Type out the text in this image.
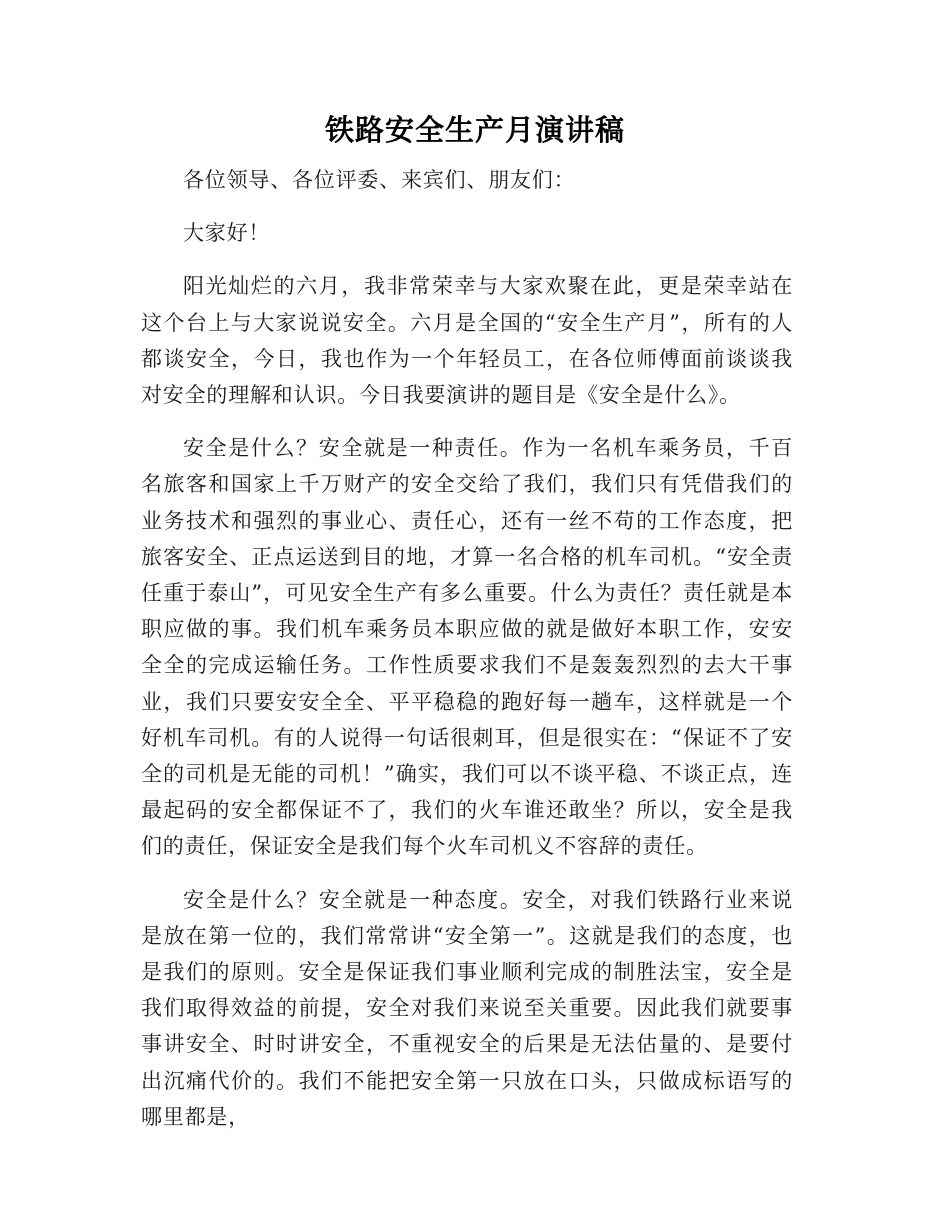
铁路安全生产月演讲稿

各位领导、各位评委、来宾们、朋友们：

大家好！

阳光灿烂的六月，我非常荣幸与大家欢聚在此，更是荣幸站在这个台上与大家说说安全。六月是全国的“安全生产月”，所有的人都谈安全，今日，我也作为一个年轻员工，在各位师傅面前谈谈我对安全的理解和认识。今日我要演讲的题目是《安全是什么》。

安全是什么？安全就是一种责任。作为一名机车乘务员，千百名旅客和国家上千万财产的安全交给了我们，我们只有凭借我们的业务技术和强烈的事业心、责任心，还有一丝不苟的工作态度，把旅客安全、正点运送到目的地，才算一名合格的机车司机。“安全责任重于泰山”，可见安全生产有多么重要。什么为责任？责任就是本职应做的事。我们机车乘务员本职应做的就是做好本职工作，安安全全的完成运输任务。工作性质要求我们不是轰轰烈烈的去大干事业，我们只要安安全全、平平稳稳的跑好每一趟车，这样就是一个好机车司机。有的人说得一句话很刺耳，但是很实在：“保证不了安全的司机是无能的司机！”确实，我们可以不谈平稳、不谈正点，连最起码的安全都保证不了，我们的火车谁还敢坐？所以，安全是我们的责任，保证安全是我们每个火车司机义不容辞的责任。

安全是什么？安全就是一种态度。安全，对我们铁路行业来说是放在第一位的，我们常常讲“安全第一”。这就是我们的态度，也是我们的原则。安全是保证我们事业顺利完成的制胜法宝，安全是我们取得效益的前提，安全对我们来说至关重要。因此我们就要事事讲安全、时时讲安全，不重视安全的后果是无法估量的、是要付出沉痛代价的。我们不能把安全第一只放在口头，只做成标语写的哪里都是，
